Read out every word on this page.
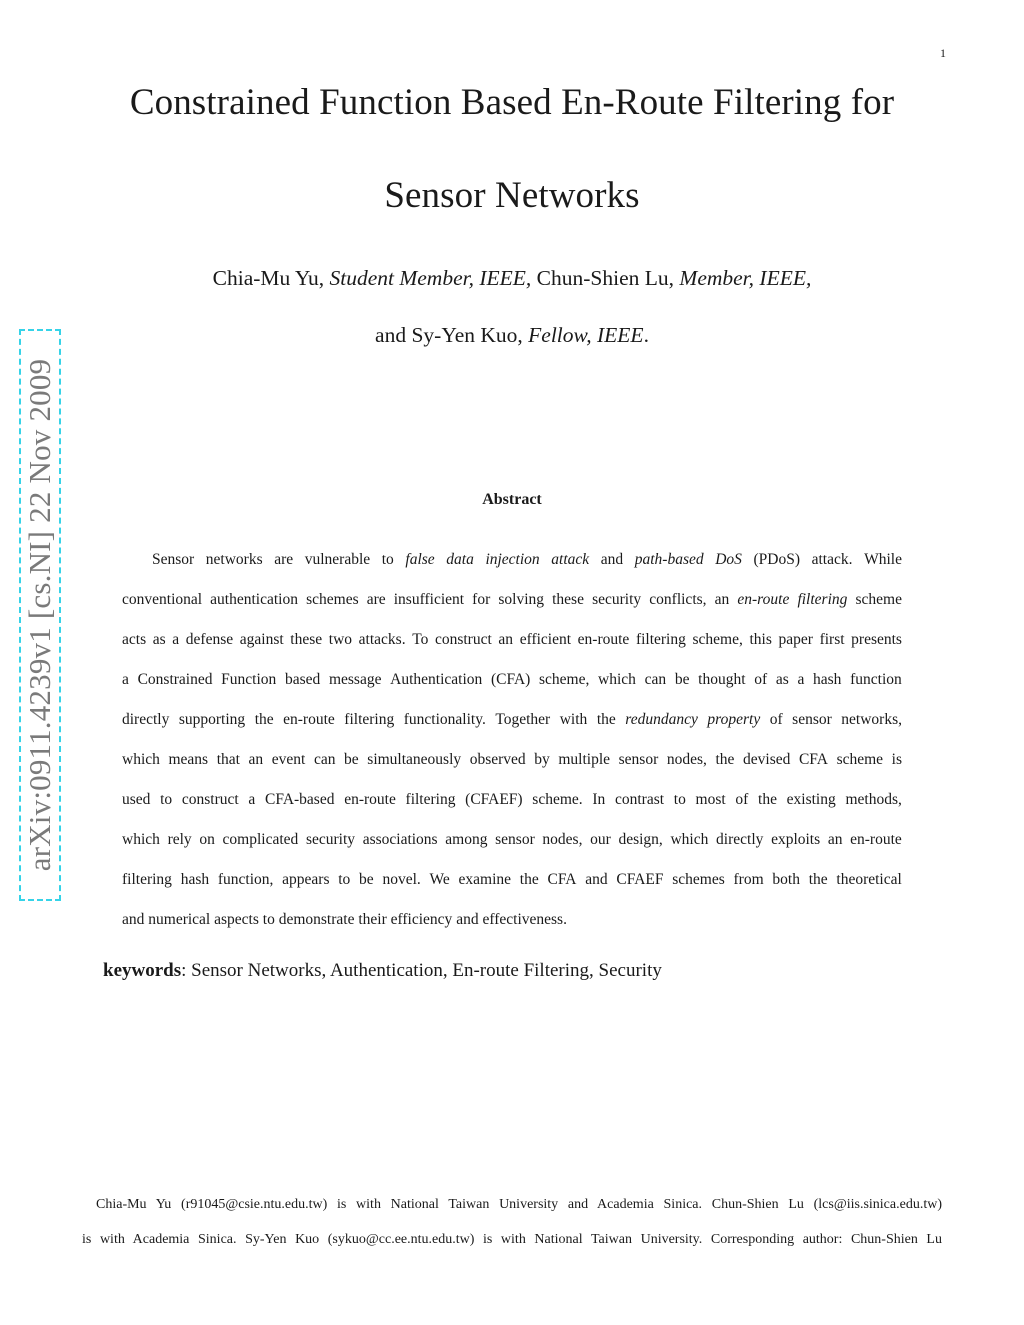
1
Constrained Function Based En-Route Filtering for
Sensor Networks
Chia-Mu Yu, Student Member, IEEE, Chun-Shien Lu, Member, IEEE,
and Sy-Yen Kuo, Fellow, IEEE.
arXiv:0911.4239v1 [cs.NI] 22 Nov 2009	Abstract
Sensor networks are vulnerable to false data injection attack and path-based DoS (PDoS) attack. While
conventional authentication schemes are insufficient for solving these security conflicts, an en-route filtering scheme
acts as a defense against these two attacks. To construct an efficient en-route filtering scheme, this paper first presents
a Constrained Function based message Authentication (CFA) scheme, which can be thought of as a hash function
directly supporting the en-route filtering functionality. Together with the redundancy property of sensor networks,
which means that an event can be simultaneously observed by multiple sensor nodes, the devised CFA scheme is
used to construct a CFA-based en-route filtering (CFAEF) scheme. In contrast to most of the existing methods,
which rely on complicated security associations among sensor nodes, our design, which directly exploits an en-route
filtering hash function, appears to be novel. We examine the CFA and CFAEF schemes from both the theoretical
and numerical aspects to demonstrate their efficiency and effectiveness.
keywords: Sensor Networks, Authentication, En-route Filtering, Security
Chia-Mu Yu (r91045@csie.ntu.edu.tw) is with National Taiwan University and Academia Sinica. Chun-Shien Lu (lcs@iis.sinica.edu.tw)
is with Academia Sinica. Sy-Yen Kuo (sykuo@cc.ee.ntu.edu.tw) is with National Taiwan University. Corresponding author: Chun-Shien Lu
